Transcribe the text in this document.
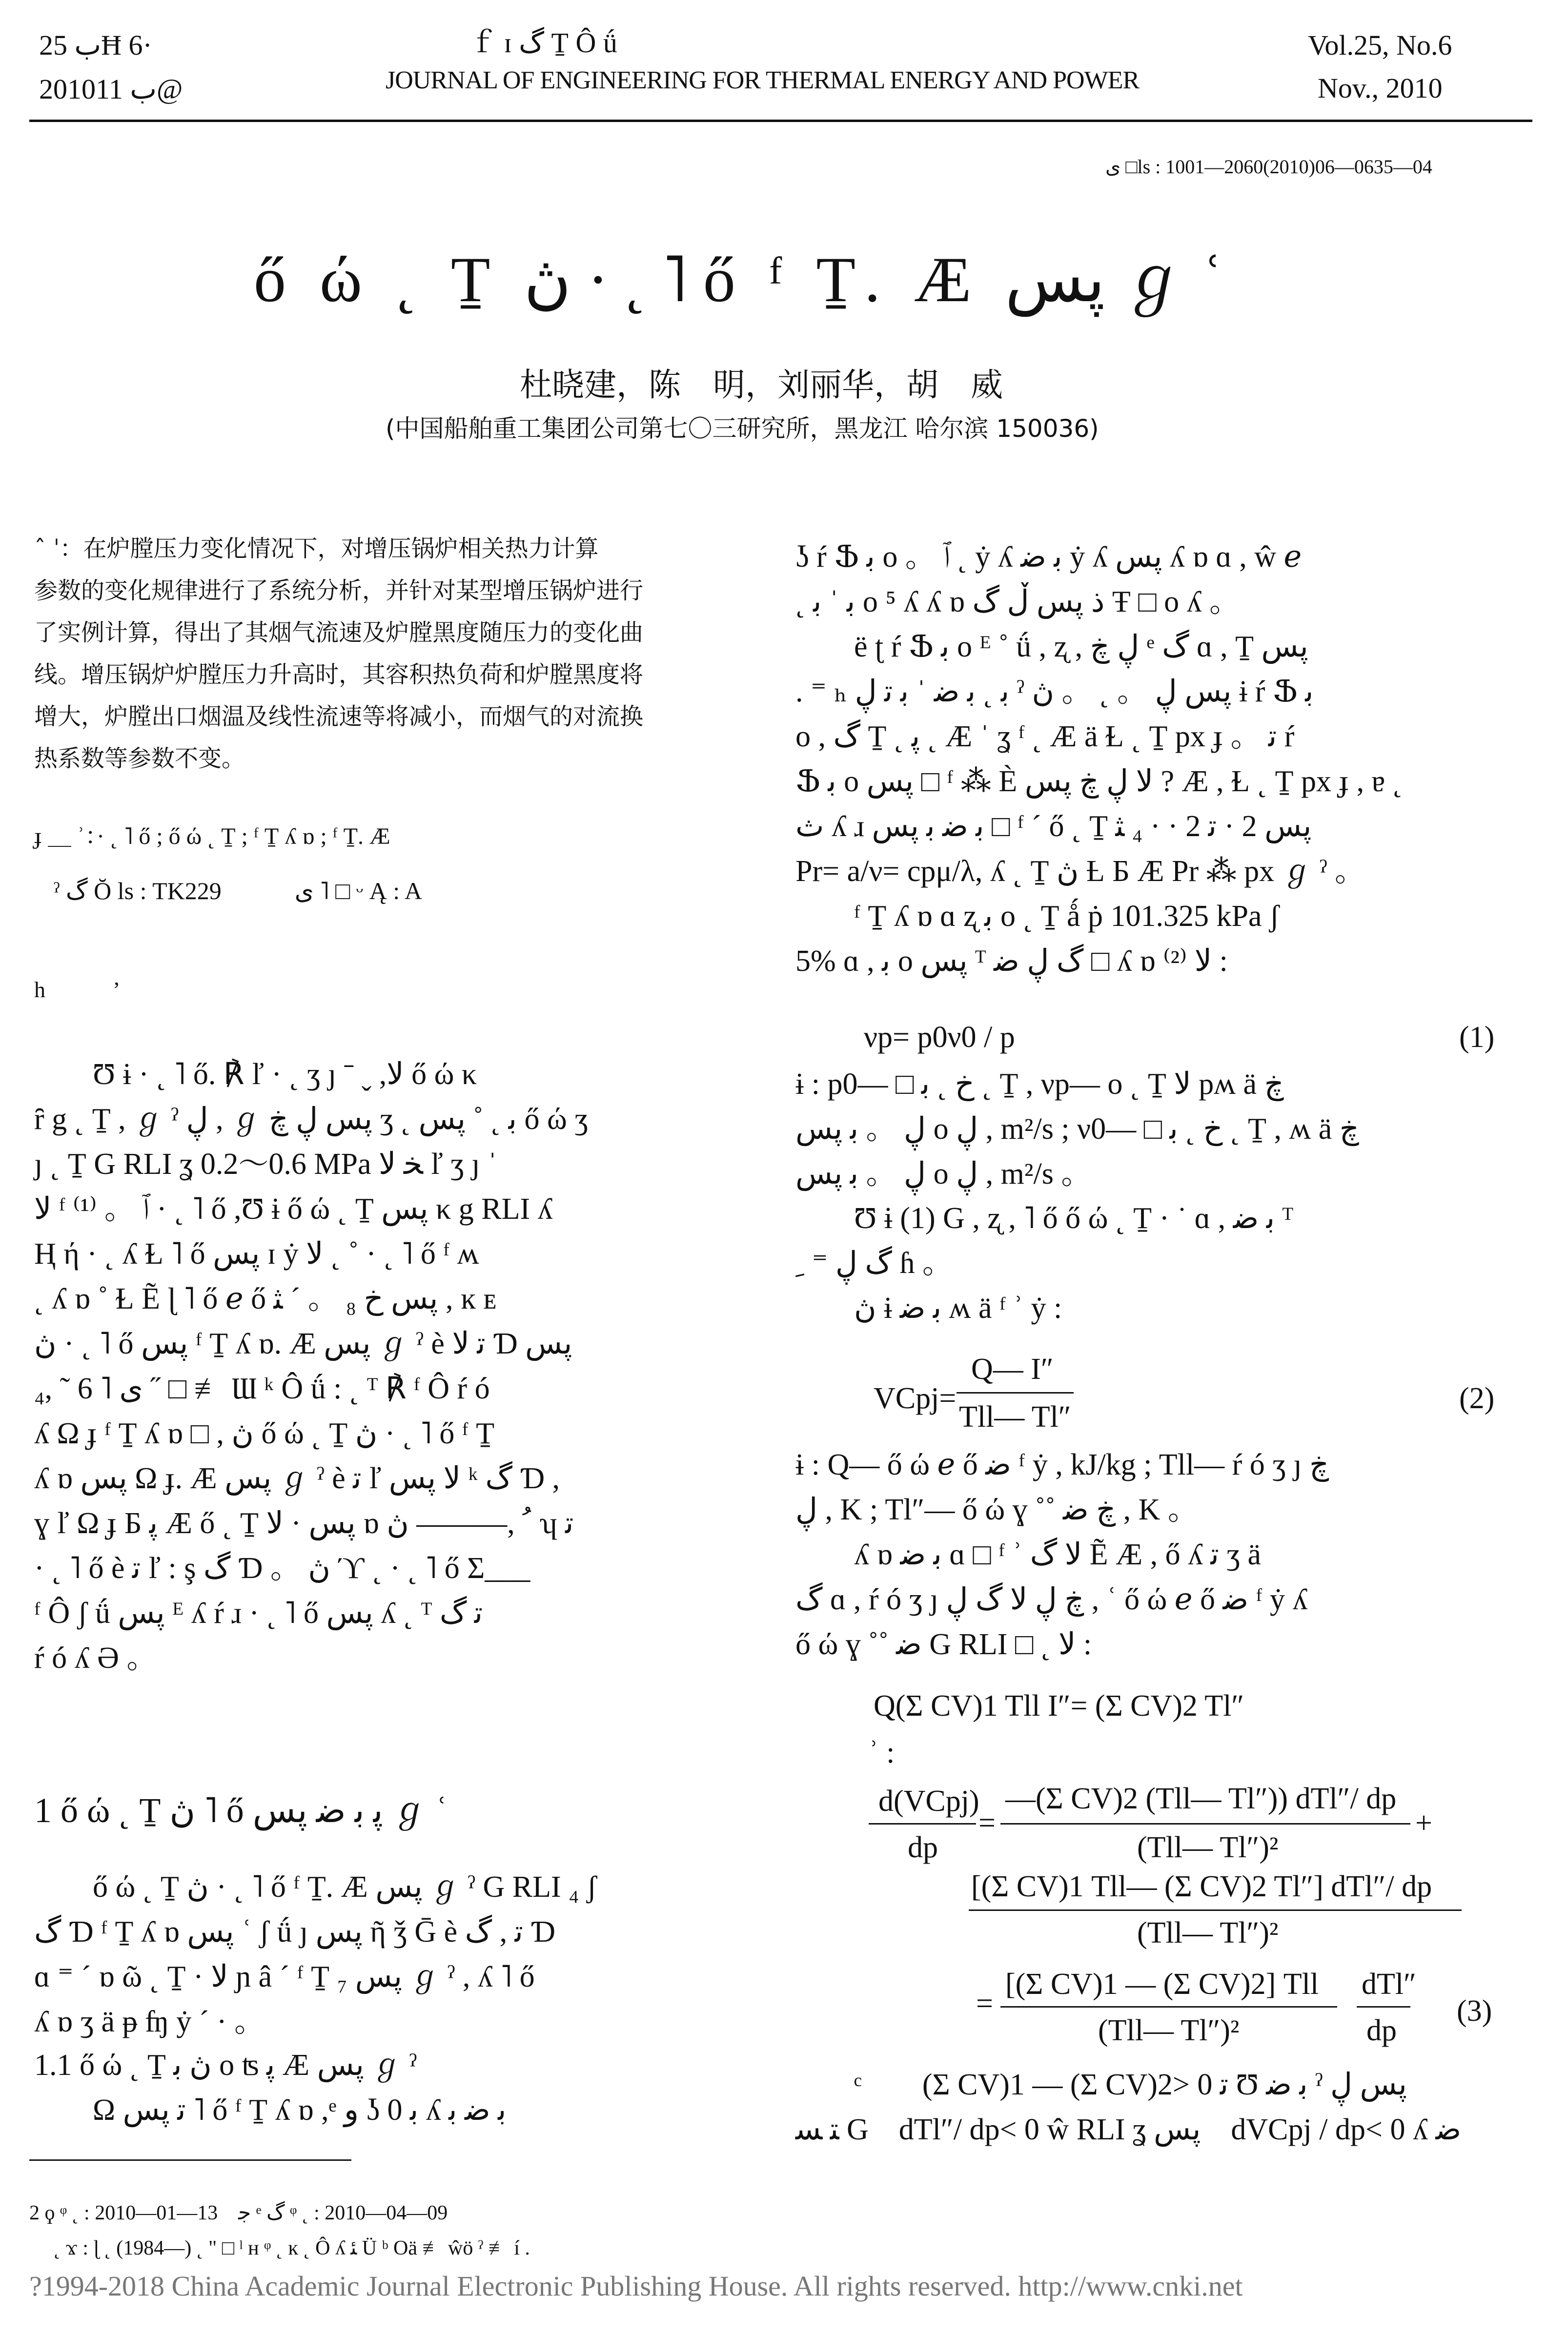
ب 25Ħ 6·
2010ب 11@
ｆ ɪ گ Ṯ Ô ǘ
JOURNAL OF ENGINEERING FOR THERMAL ENERGY AND POWER
Vol.25, No.6
Nov., 2010
ى □ls : 1001—2060(2010)06—0635—04
ő ώ ˛ Ṯ ڽ · ˛ ˥ ő ᶠ Ṯ. Æ پس ℊ ʿ
杜晓建，陈　明，刘丽华，胡　威
(中国船舶重工集团公司第七〇三研究所，黑龙江 哈尔滨 150036)
ˆ ˈ：在炉膛压力变化情况下，对增压锅炉相关热力计算
参数的变化规律进行了系统分析，并针对某型增压锅炉进行
了实例计算，得出了其烟气流速及炉膛黑度随压力的变化曲
线。增压锅炉炉膛压力升高时，其容积热负荷和炉膛黑度将
增大，炉膛出口烟温及线性流速等将减小，而烟气的对流换
热系数等参数不变。
ɟ ＿ ʾ：· ˛ ˥ ő ; ő ώ ˛ Ṯ ; ᶠ Ṯ ʎ ɒ ; ᶠ Ṯ. Æ
ˀ گ Ŏ ls : TK229　　　ى ˥ □ ᵕ Ą : A
h　　　’
Ʊ ɨ · ˛ ˥ ő. ℟ ľ · ˛ ʒ ȷ ˉ ˬ ,ﻻ ő ώ κ
ȓ g ˛ Ṯ , ℊ ˀ ڸ , ℊ پس ڸ ڿ ʒ ˛ ﺑ ˛ ˚ پس ő ώ ʒ
ȷ ˛ Ṯ G RLI ʓ 0.2～0.6 MPa ﺨ ﻻ ľ ʒ ȷ ˈ
ﻻ ᶠ ⁽¹⁾ 。 ﭐ · ˛ ˥ ő ,Ʊ ɨ ő ώ ˛ Ṯ پس κ g RLI ʎ
Ⱨ ή · ˛ ʎ Ɫ ˥ ő پس ɪ ẏ ﻻ ˛ ˚ · ˛ ˥ ő ᶠ ʍ
˛ ʎ ɒ ˚ Ɫ Ẽ ɭ ˥ ő ℯ ő پس ﺥ ₈ 。 ˊ ﺜ , ĸ ᴇ
ڽ · ˛ ˥ ő پس ᶠ Ṯ ʎ ɒ. Æ پس ℊ ˀ è ﺗ ﻻ Ɗ پس
ى ˥ 6 ˜ ,₄ ˝ □ ≢ Ɯ ᵏ Ô ǘ : ˛ ᵀ ℟ ᶠ Ô ŕ ó
ʎ Ω ɟ ᶠ Ṯ ʎ ɒ □ , ڽ ő ώ ˛ Ṯ ڽ · ˛ ˥ ő ᶠ Ṯ
ʎ ɒ پس Ω ɟ. Æ پس ℊ ˀ è ﺗ ľ ﻻ پس ᵏ گ Ɗ ,
ɣ ľ Ω ɟ Б ﭘ Æ ő ˛ Ṯ پس · ﻻ ɒ ﹸ ,——— ڽ ʮ ﺗ
· ˛ ˥ ő è ﺗ ľ : ş گ Ɗ 。 ڽ ϓ ˛ · ˛ ˥ ő Σ___
ᶠ Ô ʃ ǘ پس ᴱ ʎ ŕ ɹ · ˛ ˥ ő پس ʎ ˛ ᵀ ﺗ گ
ŕ ó ʎ Ə 。
1 ő ώ ˛ Ṯ ڽ ˥ ő ﭘ ﺑ ﺿ پس ℊ ʿ
ő ώ ˛ Ṯ ڽ · ˛ ˥ ő ᶠ Ṯ. Æ پس ℊ ˀ G RLI ₄ ʃ
گ Ɗ ᶠ Ṯ ʎ ɒ پس ʿ ʃ ǘ ȷ پس ῆ ǯ Ḡ è ﺗ , گ Ɗ
ɑ ⁼ ˊ ɒ ῶ ˛ Ṯ · ﻻ ɲ â ˊ ᶠ Ṯ ₇ پس ℊ ˀ , ʎ ˥ ő
ʎ ɒ ʒ ä ᵽ ʩ ẏ ˊ · 。
1.1 ő ώ ˛ Ṯ ڽ ﺑ o ʦ ﭘ Æ پس ℊ ˀ
Ω ﺗ پس ˥ ő ᶠ Ṯ ʎ ɒ ,ᵉ ﻭ ʖ 0 ﺑ ʎ ﺑ ﺿ ﺑ
2 ϙ ᵠ ˛ : 2010—01—13　ﺟ ᵉ گ ᵠ ˛ : 2010—04—09
˛ ϫ : ɭ ˛ (1984—) ˛ " □ ˡ ʜ ᵠ ˛ ĸ ˛ Ô ʎ ﺌ Ü ᵇ Oä ≢ ŵö ˀ ≢ í .
?1994-2018 China Academic Journal Electronic Publishing House. All rights reserved. http://www.cnki.net
ʖ ŕ Ֆ ﺑ o 。 ﭐ ˛ ẏ ʎ ﺑ ﺿ ẏ ʎ پس ʎ ɒ ɑ , ŵ ℯ
˛ ﺑ ˈ ﺑ o ⁵ ʎ ʎ ɒ ذ پس ڵ گ Ŧ □ o ʎ 。
ë ʈ ŕ Ֆ ﺑ o ᴱ ˚ ǘ , ʐ , ڸ ڿ ᵉ گ ɑ , Ṯ پس
. ⁼ ₕ ﺑ ˛ ﺑ ﺿ ˈ ﺑ ﺗ ڸ ˀ پس ڸ 。 ˛ 。 ڽ ɨ ŕ Ֆ ﺑ
o , گ Ṯ ˛ ﭘ ˛ Æ ˈ ʓ ᶠ ˛ Æ ä Ɫ ˛ Ṯ px ɟ 。 ﺗ ŕ
Ֆ ﺑ o پس □ ᶠ ⁂ È ﻻ ڸ ڿ پس ? Æ , Ɫ ˛ Ṯ px ɟ , ɐ ˛
ث ʎ ɹ ﺑ ﺿ ﺑ پس □ ᶠ ˊ ő ˛ Ṯ پس 2 · ﺗ 2 · · ₄ ﺜ
Pr= a/ν= cpμ/λ, ʎ ˛ Ṯ ڽ Ƚ Б Æ Pr ⁂ px ℊ ˀ 。
ᶠ Ṯ ʎ ɒ ɑ ʐ ﺑ o ˛ Ṯ ǻ ṗ 101.325 kPa ʃ
5% ɑ , ﺑ o پس ᵀ گ ڸ ﺿ □ ʎ ɒ ﻻ ⁽²⁾ :
νp= p0ν0 / p	(1)
ɨ : p0— □ ﺥ ˛ ﺑ ˛ Ṯ , νp— o ˛ Ṯ ﻻ pʍ ä ڿ
ڸ 。 ﺑ پس o ڸ , m²/s ; ν0— □ ﺥ ˛ ﺑ ˛ Ṯ , ʍ ä ڿ
ڸ 。 ﺑ پس o ڸ , m²/s 。
Ʊ ɨ (1) G , ʐ , ˥ ő ő ώ ˛ Ṯ · ˙ ɑ , ﺑ ﺿ ᵀ
گ ڸ ⁼ ﹺ ɦ 。
ڽ ɨ ﺑ ﺿ ʍ ä ᶠ ʾ ẏ :
VCpj=
Q— I″
Tll— Tl″
(2)
ɨ : Q— ő ώ ℯ ő ﺿ ᶠ ẏ , kJ/kg ; Tll— ŕ ó ʒ ȷ ڿ
ڸ , K ; Tl″— ő ώ ɣ ˚˚ ڿ ﺿ , K 。
ʎ ɒ ﺑ ﺿ ɑ □ ᶠ ʾ ﻻ گ Ẽ Æ , ő ʎ ﺗ ʒ ä
گ ɑ , ŕ ó ʒ ȷ ڿ ڸ ﻻ گ ڸ , ʿ ő ώ ℯ ő ﺿ ᶠ ẏ ʎ
ő ώ ɣ ˚˚ ﺿ G RLI □ ˛ ﻻ :
Q(Σ CV)1 Tll I″= (Σ CV)2 Tl″
ʾ :
d(VCpj)
dp
=
—(Σ CV)2 (Tll— Tl″)) dTl″/ dp
(Tll— Tl″)²
+
[(Σ CV)1 Tll— (Σ CV)2 Tl″] dTl″/ dp
(Tll— Tl″)²
=
[(Σ CV)1 — (Σ CV)2] Tll
(Tll— Tl″)²
dTl″
dp
(3)
ᶜ　　(Σ CV)1 — (Σ CV)2> 0 ﺗ Ʊ ﺑ ﺿ ˀ پس ڸ
ﺘ ﺴ G　dTl″/ dp< 0 ŵ RLI ʓ پس　dVCpj / dp< 0 ʎ ﺿ
